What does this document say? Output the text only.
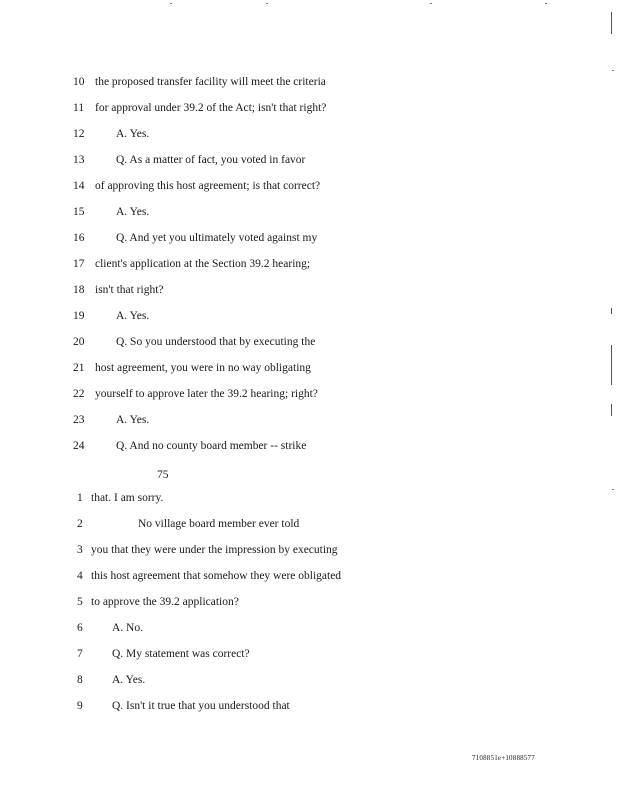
10 the proposed transfer facility will meet the criteria
11 for approval under 39.2 of the Act; isn't that right?
12	A. Yes.
13	Q. As a matter of fact, you voted in favor
14 of approving this host agreement; is that correct?
15	A. Yes.
16	Q. And yet you ultimately voted against my
17 client's application at the Section 39.2 hearing;
18 isn't that right?
19	A. Yes.
20	Q. So you understood that by executing the
21 host agreement, you were in no way obligating
22 yourself to approve later the 39.2 hearing; right?
23	A. Yes.
24	Q. And no county board member -- strike
75
1 that. I am sorry.
2	No village board member ever told
3 you that they were under the impression by executing
4 this host agreement that somehow they were obligated
5 to approve the 39.2 application?
6	A. No.
7	Q. My statement was correct?
8	A. Yes.
9	Q. Isn't it true that you understood that
7108851e+10888577
